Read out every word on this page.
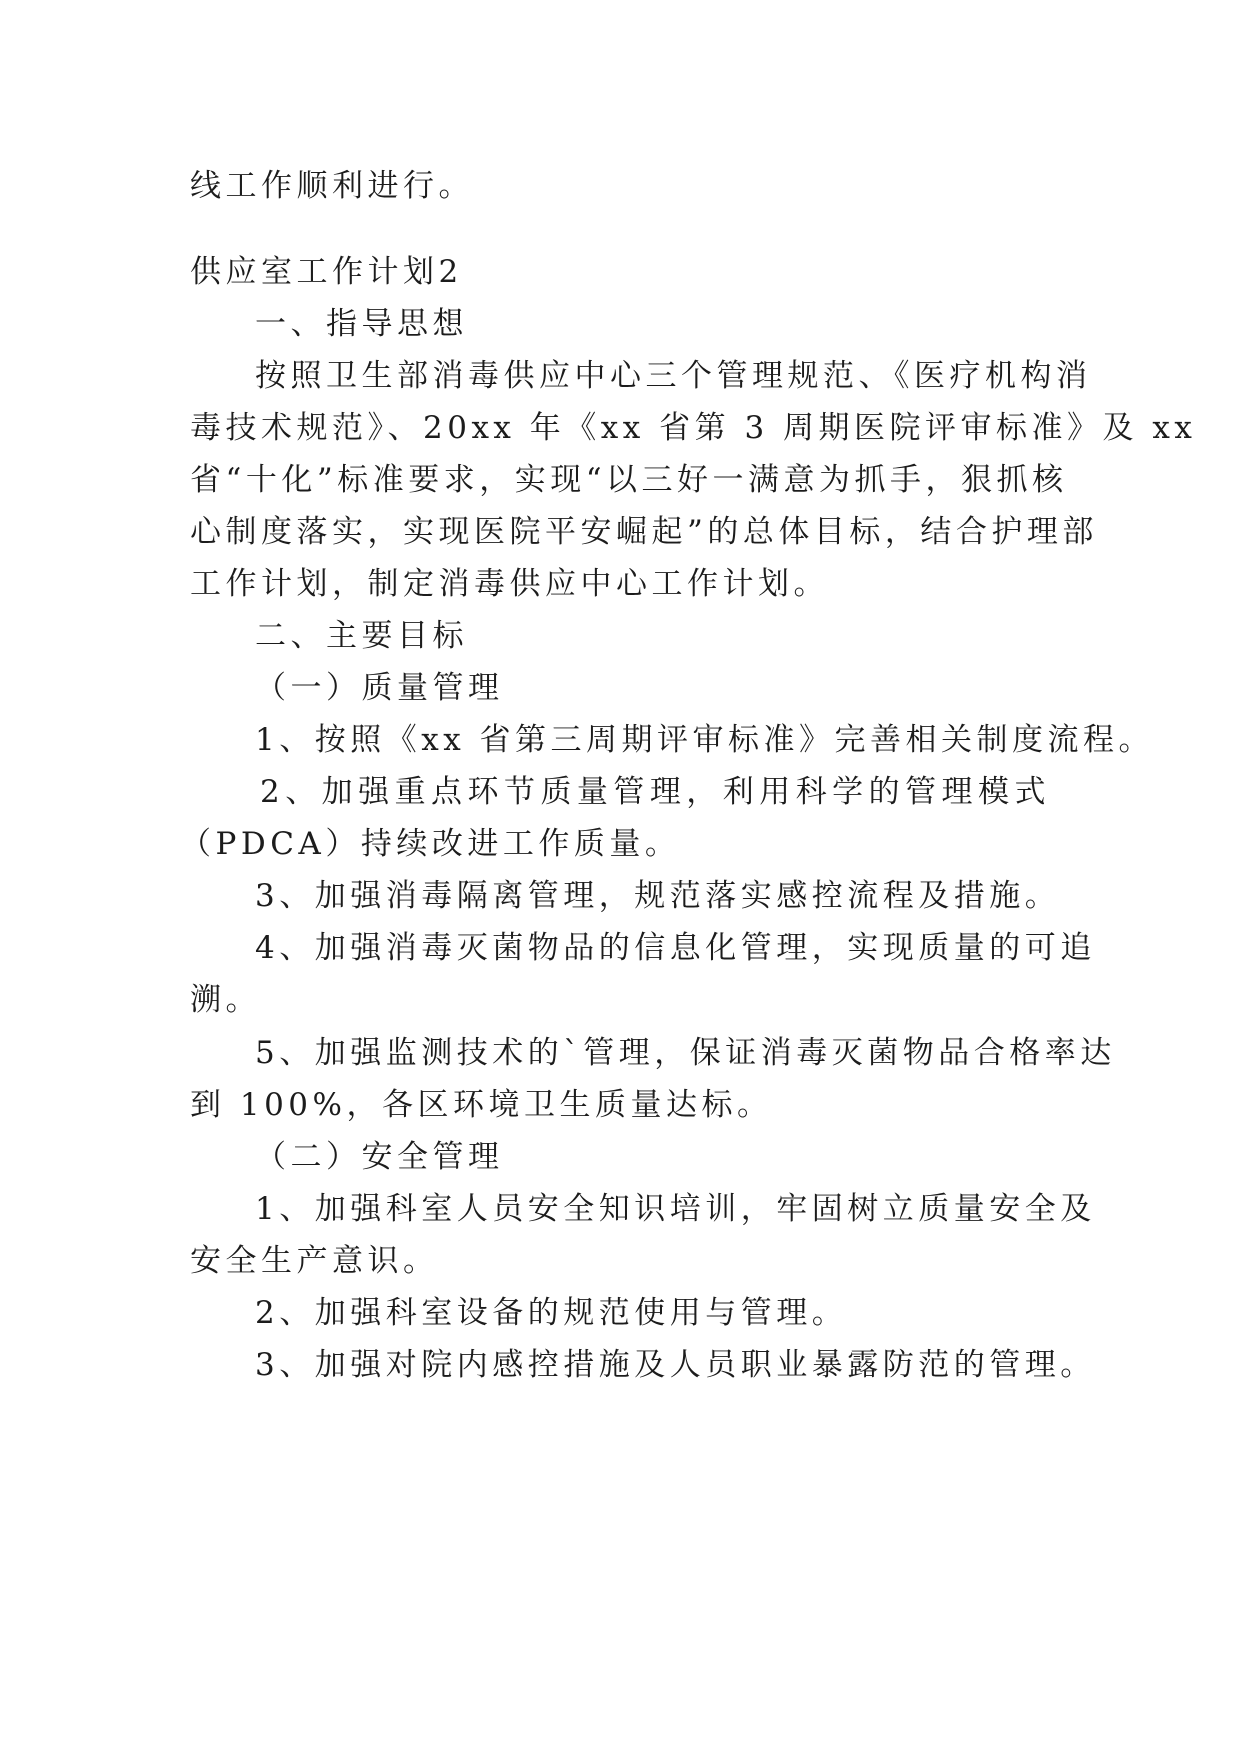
线工作顺利进行。
供应室工作计划2
一、指导思想
按照卫生部消毒供应中心三个管理规范、《医疗机构消
毒技术规范》、20xx 年《xx 省第 3 周期医院评审标准》及 xx
省“十化”标准要求，实现“以三好一满意为抓手，狠抓核
心制度落实，实现医院平安崛起”的总体目标，结合护理部
工作计划，制定消毒供应中心工作计划。
二、主要目标
（一）质量管理
1、按照《xx 省第三周期评审标准》完善相关制度流程。
2、加强重点环节质量管理，利用科学的管理模式
（PDCA）持续改进工作质量。
3、加强消毒隔离管理，规范落实感控流程及措施。
4、加强消毒灭菌物品的信息化管理，实现质量的可追
溯。
5、加强监测技术的`管理，保证消毒灭菌物品合格率达
到 100%，各区环境卫生质量达标。
（二）安全管理
1、加强科室人员安全知识培训，牢固树立质量安全及
安全生产意识。
2、加强科室设备的规范使用与管理。
3、加强对院内感控措施及人员职业暴露防范的管理。
